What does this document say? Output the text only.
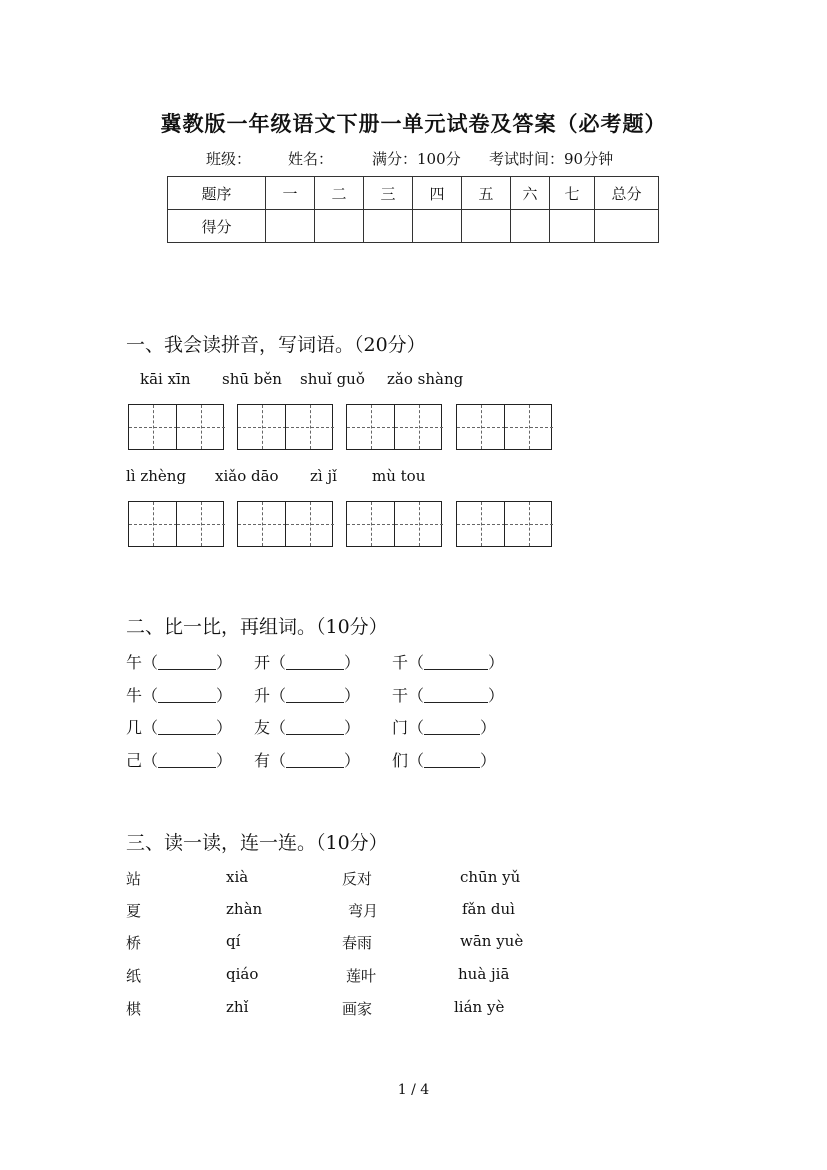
冀教版一年级语文下册一单元试卷及答案（必考题）
班级： 姓名：	满分：100分 考试时间：90分钟
题序	一	二	三	四	五	六	七	总分
得分								
一、我会读拼音，写词语。（20分）
kāi xīn shū běn shuǐ guǒ zǎo shàng
lì zhèng xiǎo dāo zì jǐ mù tou
二、比一比，再组词。（10分）
午（	） 开（	） 千（	）
牛（	） 升（	） 干（	）
几（	） 友（	） 门（	）
己（	） 有（	） 们（	）
三、读一读，连一连。（10分）
站	xià	反对	chūn yǔ
夏	zhàn	弯月	fǎn duì
桥	qí	春雨	wān yuè
纸	qiáo	莲叶	huà jiā
棋	zhǐ	画家	lián yè
1 / 4
